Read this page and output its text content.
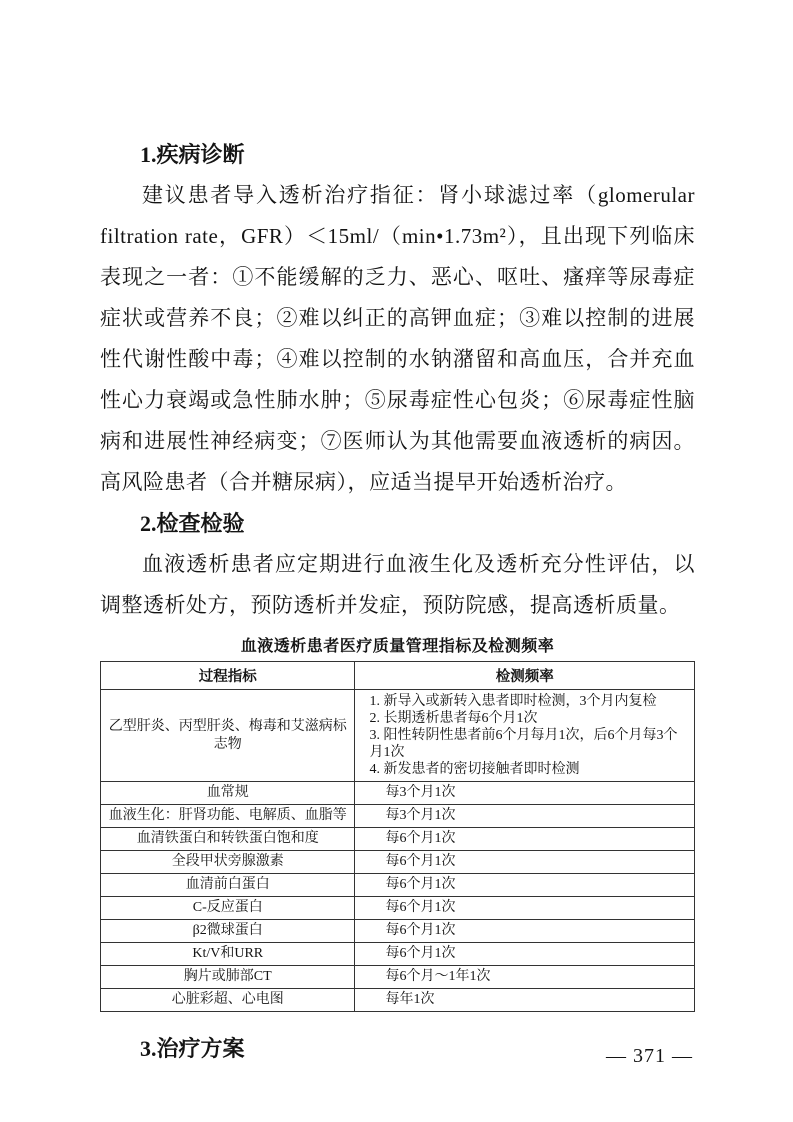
1.疾病诊断

建议患者导入透析治疗指征：肾小球滤过率（glomerular filtration rate，GFR）＜15ml/（min•1.73m²），且出现下列临床表现之一者：①不能缓解的乏力、恶心、呕吐、瘙痒等尿毒症症状或营养不良；②难以纠正的高钾血症；③难以控制的进展性代谢性酸中毒；④难以控制的水钠潴留和高血压，合并充血性心力衰竭或急性肺水肿；⑤尿毒症性心包炎；⑥尿毒症性脑病和进展性神经病变；⑦医师认为其他需要血液透析的病因。高风险患者（合并糖尿病），应适当提早开始透析治疗。

2.检查检验

血液透析患者应定期进行血液生化及透析充分性评估，以调整透析处方，预防透析并发症，预防院感，提高透析质量。

血液透析患者医疗质量管理指标及检测频率
过程指标	检测频率
乙型肝炎、丙型肝炎、梅毒和艾滋病标志物	1. 新导入或新转入患者即时检测，3个月内复检
2. 长期透析患者每6个月1次
3. 阳性转阴性患者前6个月每月1次，后6个月每3个月1次
4. 新发患者的密切接触者即时检测

血常规	每3个月1次
血液生化：肝肾功能、电解质、血脂等	每3个月1次
血清铁蛋白和转铁蛋白饱和度	每6个月1次
全段甲状旁腺激素	每6个月1次
血清前白蛋白	每6个月1次
C-反应蛋白	每6个月1次
β2微球蛋白	每6个月1次
Kt/V和URR	每6个月1次
胸片或肺部CT	每6个月～1年1次
心脏彩超、心电图	每年1次
3.治疗方案	— 371 —
